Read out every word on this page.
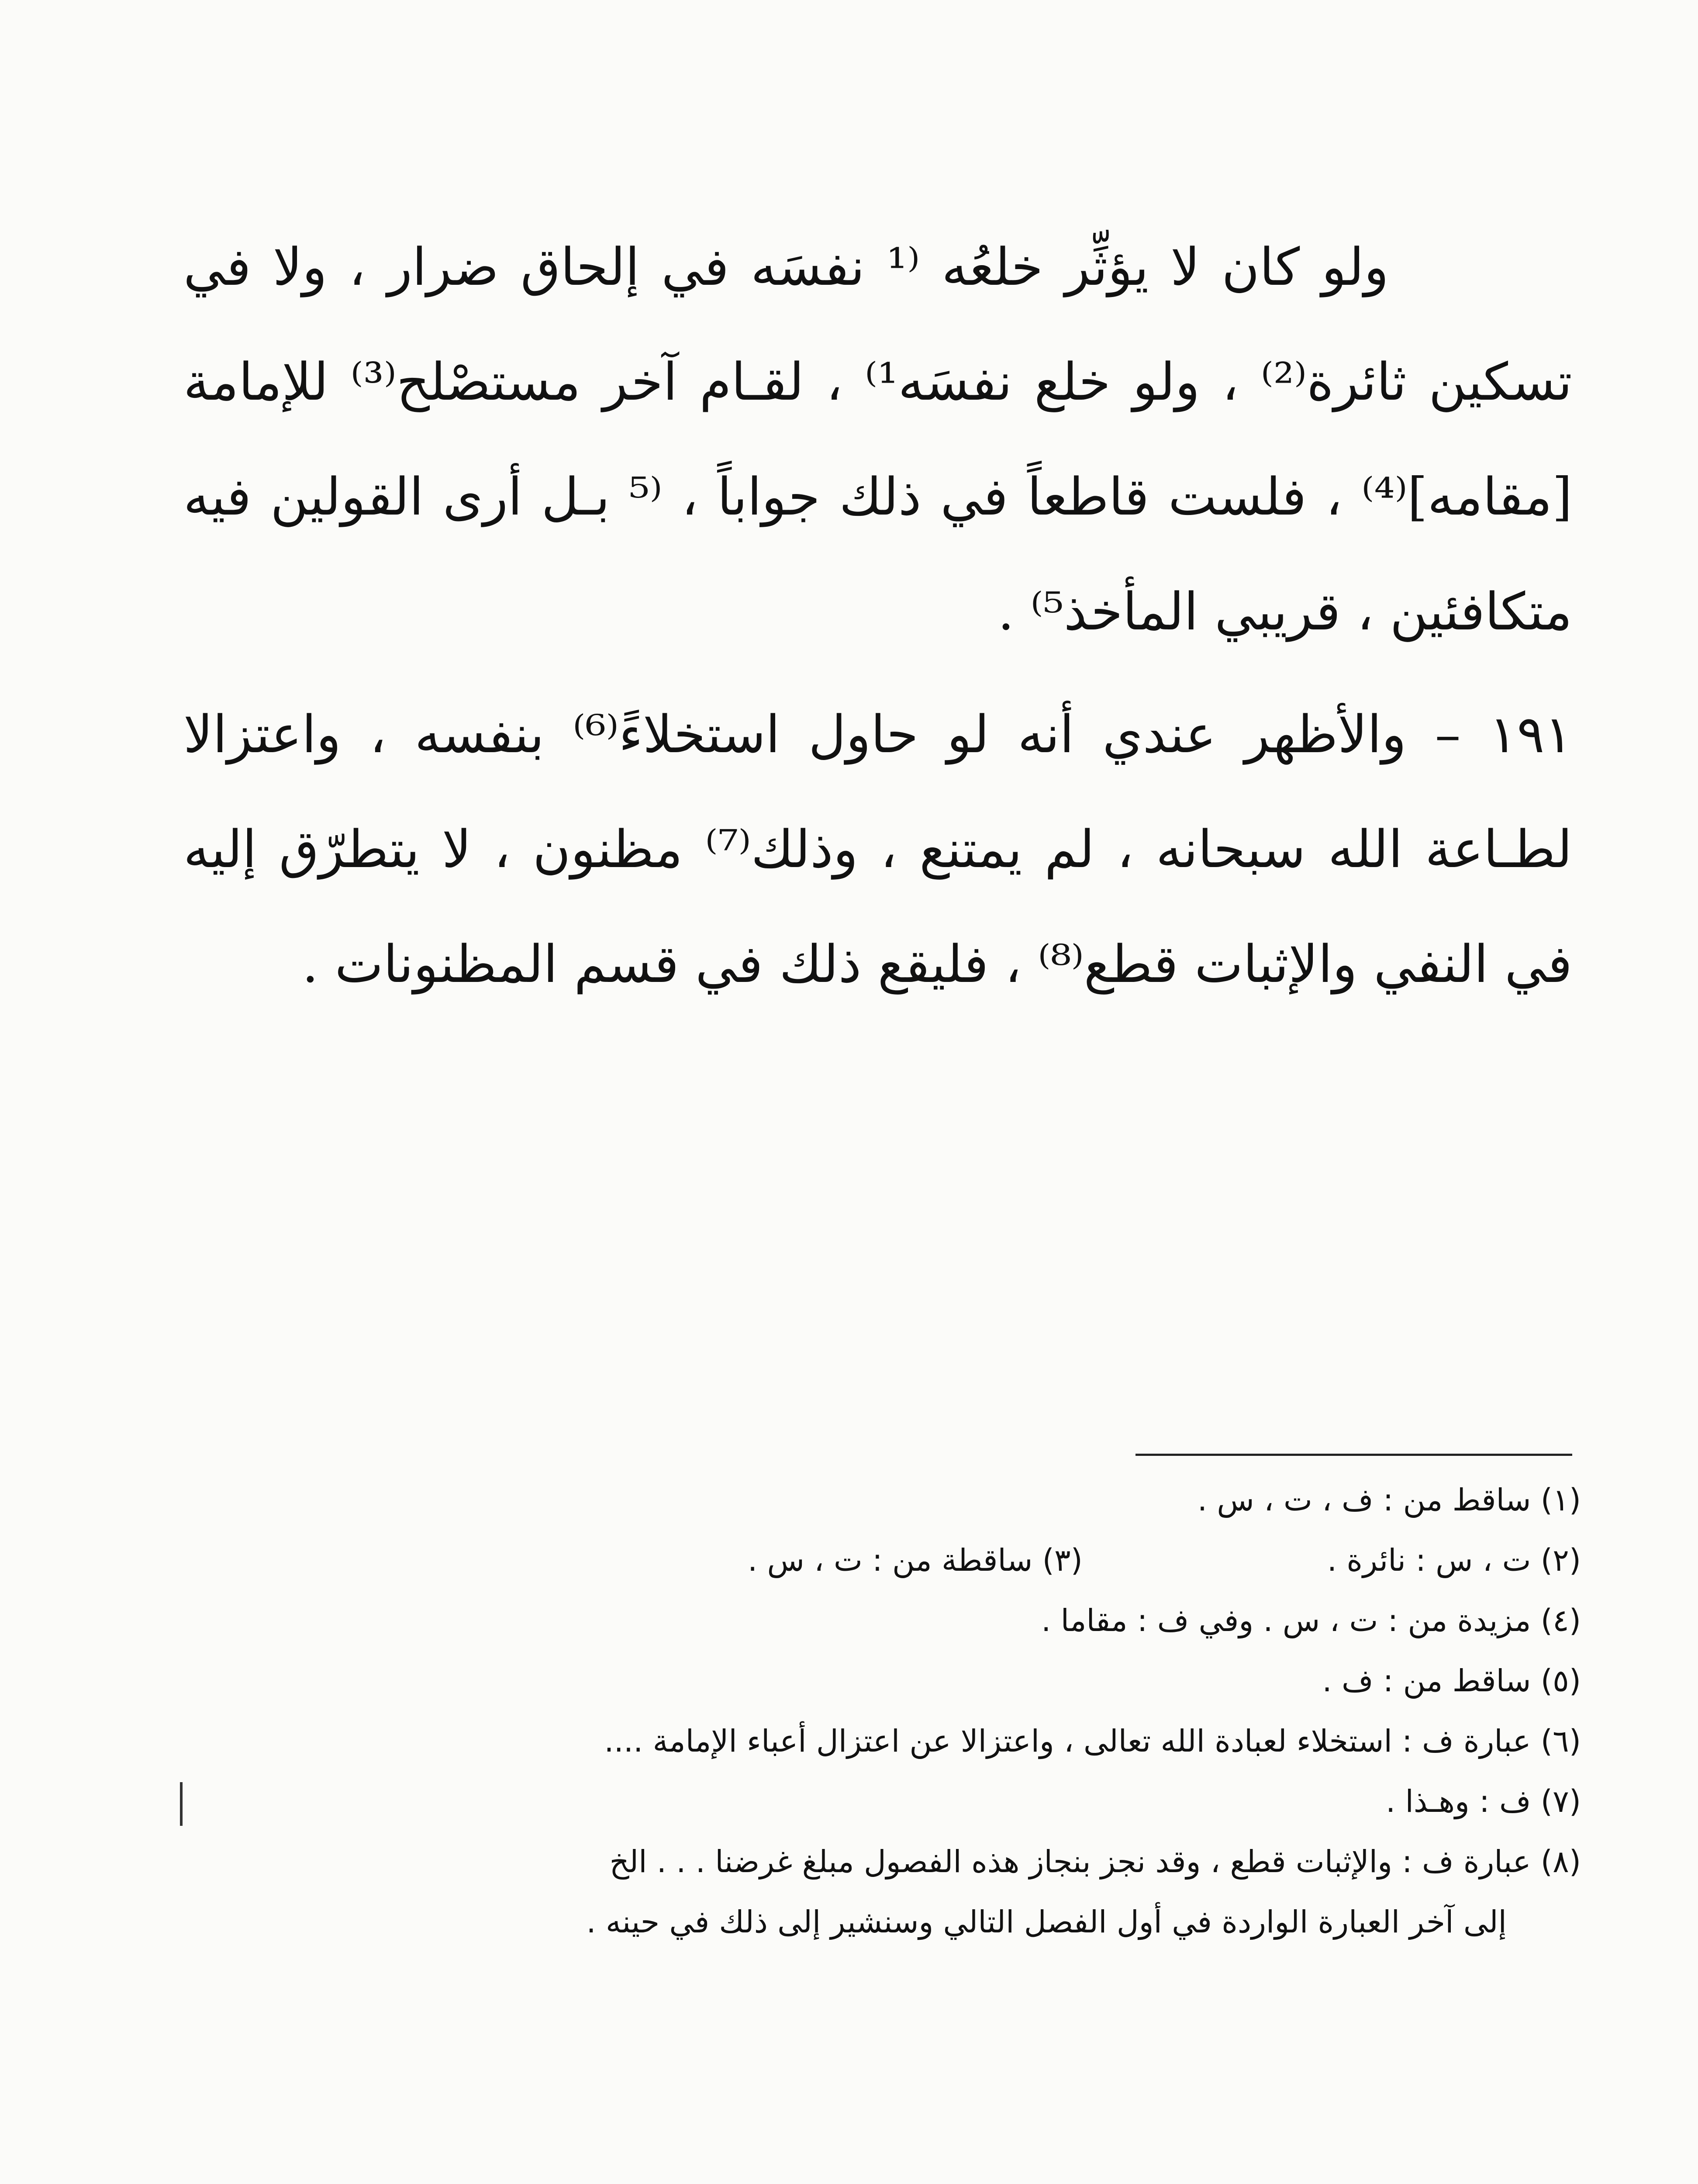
ولو كان لا يؤثِّر خلعُه ⁽¹ نفسَه في إلحاق ضرار ، ولا في تسكين ثائرة⁽²⁾ ، ولو خلع نفسَه¹⁾ ، لقـام آخر مستصْلح⁽³⁾ للإمامة [مقامه]⁽⁴⁾ ، فلست قاطعاً في ذلك جواباً ، ⁽⁵ بـل أرى القولين فيه متكافئين ، قريبي المأخذ⁵⁾ .

١٩١ – والأظهر عندي أنه لو حاول استخلاءً⁽⁶⁾ بنفسه ، واعتزالا لطـاعة الله سبحانه ، لم يمتنع ، وذلك⁽⁷⁾ مظنون ، لا يتطرّق إليه في النفي والإثبات قطع⁽⁸⁾ ، فليقع ذلك في قسم المظنونات .

(١) ساقط من : ف ، ت ، س .
(٢) ت ، س : نائرة .(٣) ساقطة من : ت ، س .
(٤) مزيدة من : ت ، س . وفي ف : مقاما .
(٥) ساقط من : ف .
(٦) عبارة ف : استخلاء لعبادة الله تعالى ، واعتزالا عن اعتزال أعباء الإمامة ....
(٧) ف : وهـذا .
(٨) عبارة ف : والإثبات قطع ، وقد نجز بنجاز هذه الفصول مبلغ غرضنا . . . الخ
إلى آخر العبارة الواردة في أول الفصل التالي وسنشير إلى ذلك في حينه .
